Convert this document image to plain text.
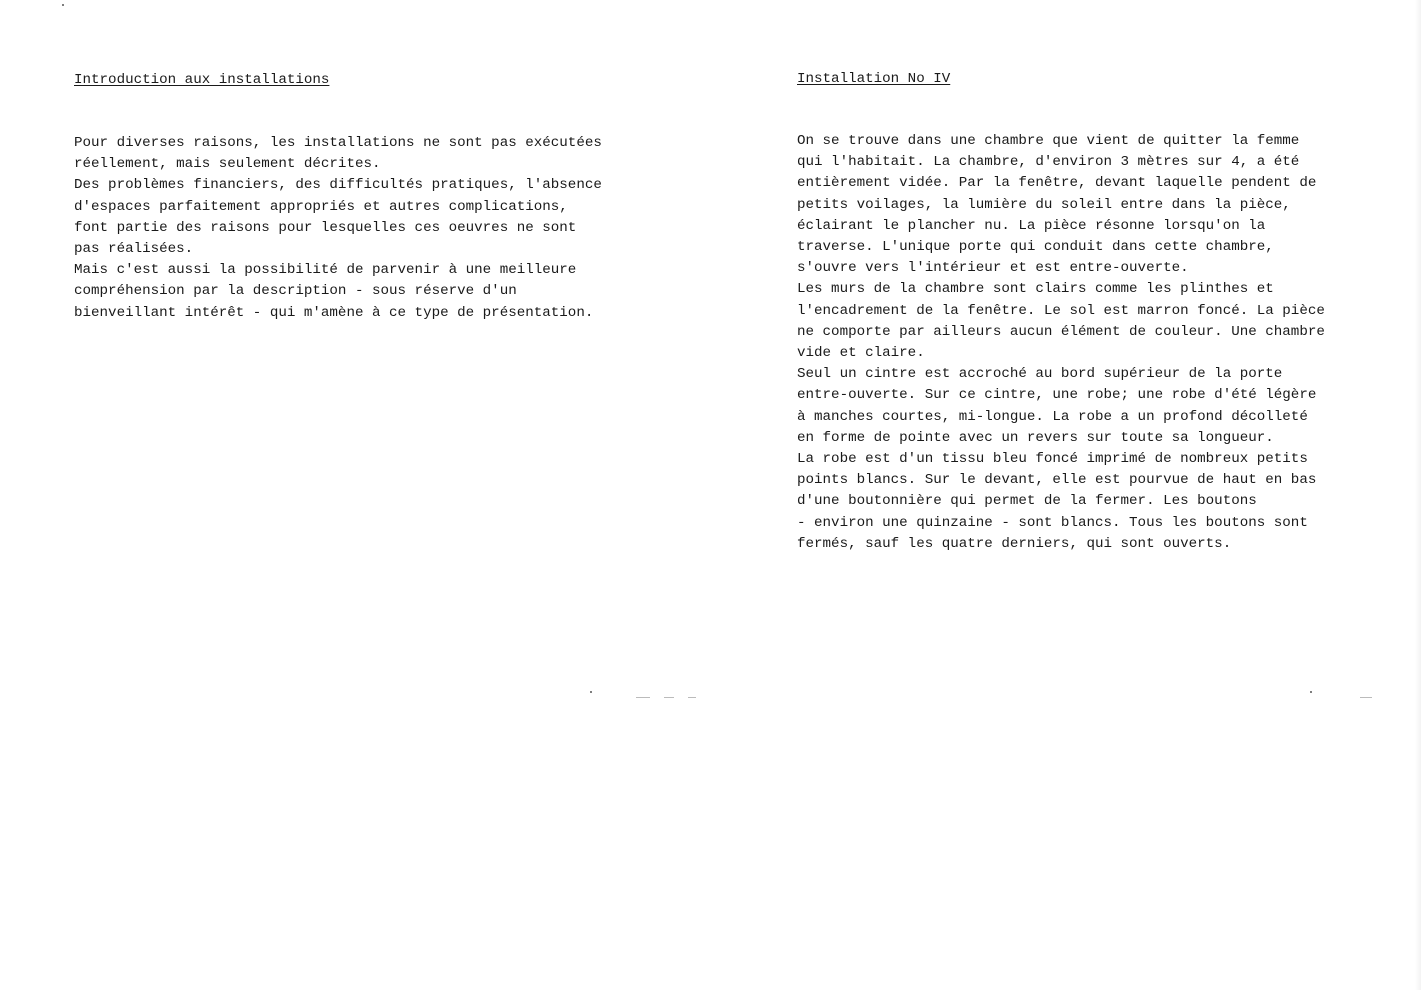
Introduction aux installations
Pour diverses raisons, les installations ne sont pas exécutées
réellement, mais seulement décrites.
Des problèmes financiers, des difficultés pratiques, l'absence
d'espaces parfaitement appropriés et autres complications,
font partie des raisons pour lesquelles ces oeuvres ne sont
pas réalisées.
Mais c'est aussi la possibilité de parvenir à une meilleure
compréhension par la description - sous réserve d'un
bienveillant intérêt - qui m'amène à ce type de présentation.
Installation No IV
On se trouve dans une chambre que vient de quitter la femme
qui l'habitait. La chambre, d'environ 3 mètres sur 4, a été
entièrement vidée. Par la fenêtre, devant laquelle pendent de
petits voilages, la lumière du soleil entre dans la pièce,
éclairant le plancher nu. La pièce résonne lorsqu'on la
traverse. L'unique porte qui conduit dans cette chambre,
s'ouvre vers l'intérieur et est entre-ouverte.
Les murs de la chambre sont clairs comme les plinthes et
l'encadrement de la fenêtre. Le sol est marron foncé. La pièce
ne comporte par ailleurs aucun élément de couleur. Une chambre
vide et claire.
Seul un cintre est accroché au bord supérieur de la porte
entre-ouverte. Sur ce cintre, une robe; une robe d'été légère
à manches courtes, mi-longue. La robe a un profond décolleté
en forme de pointe avec un revers sur toute sa longueur.
La robe est d'un tissu bleu foncé imprimé de nombreux petits
points blancs. Sur le devant, elle est pourvue de haut en bas
d'une boutonnière qui permet de la fermer. Les boutons
- environ une quinzaine - sont blancs. Tous les boutons sont
fermés, sauf les quatre derniers, qui sont ouverts.
